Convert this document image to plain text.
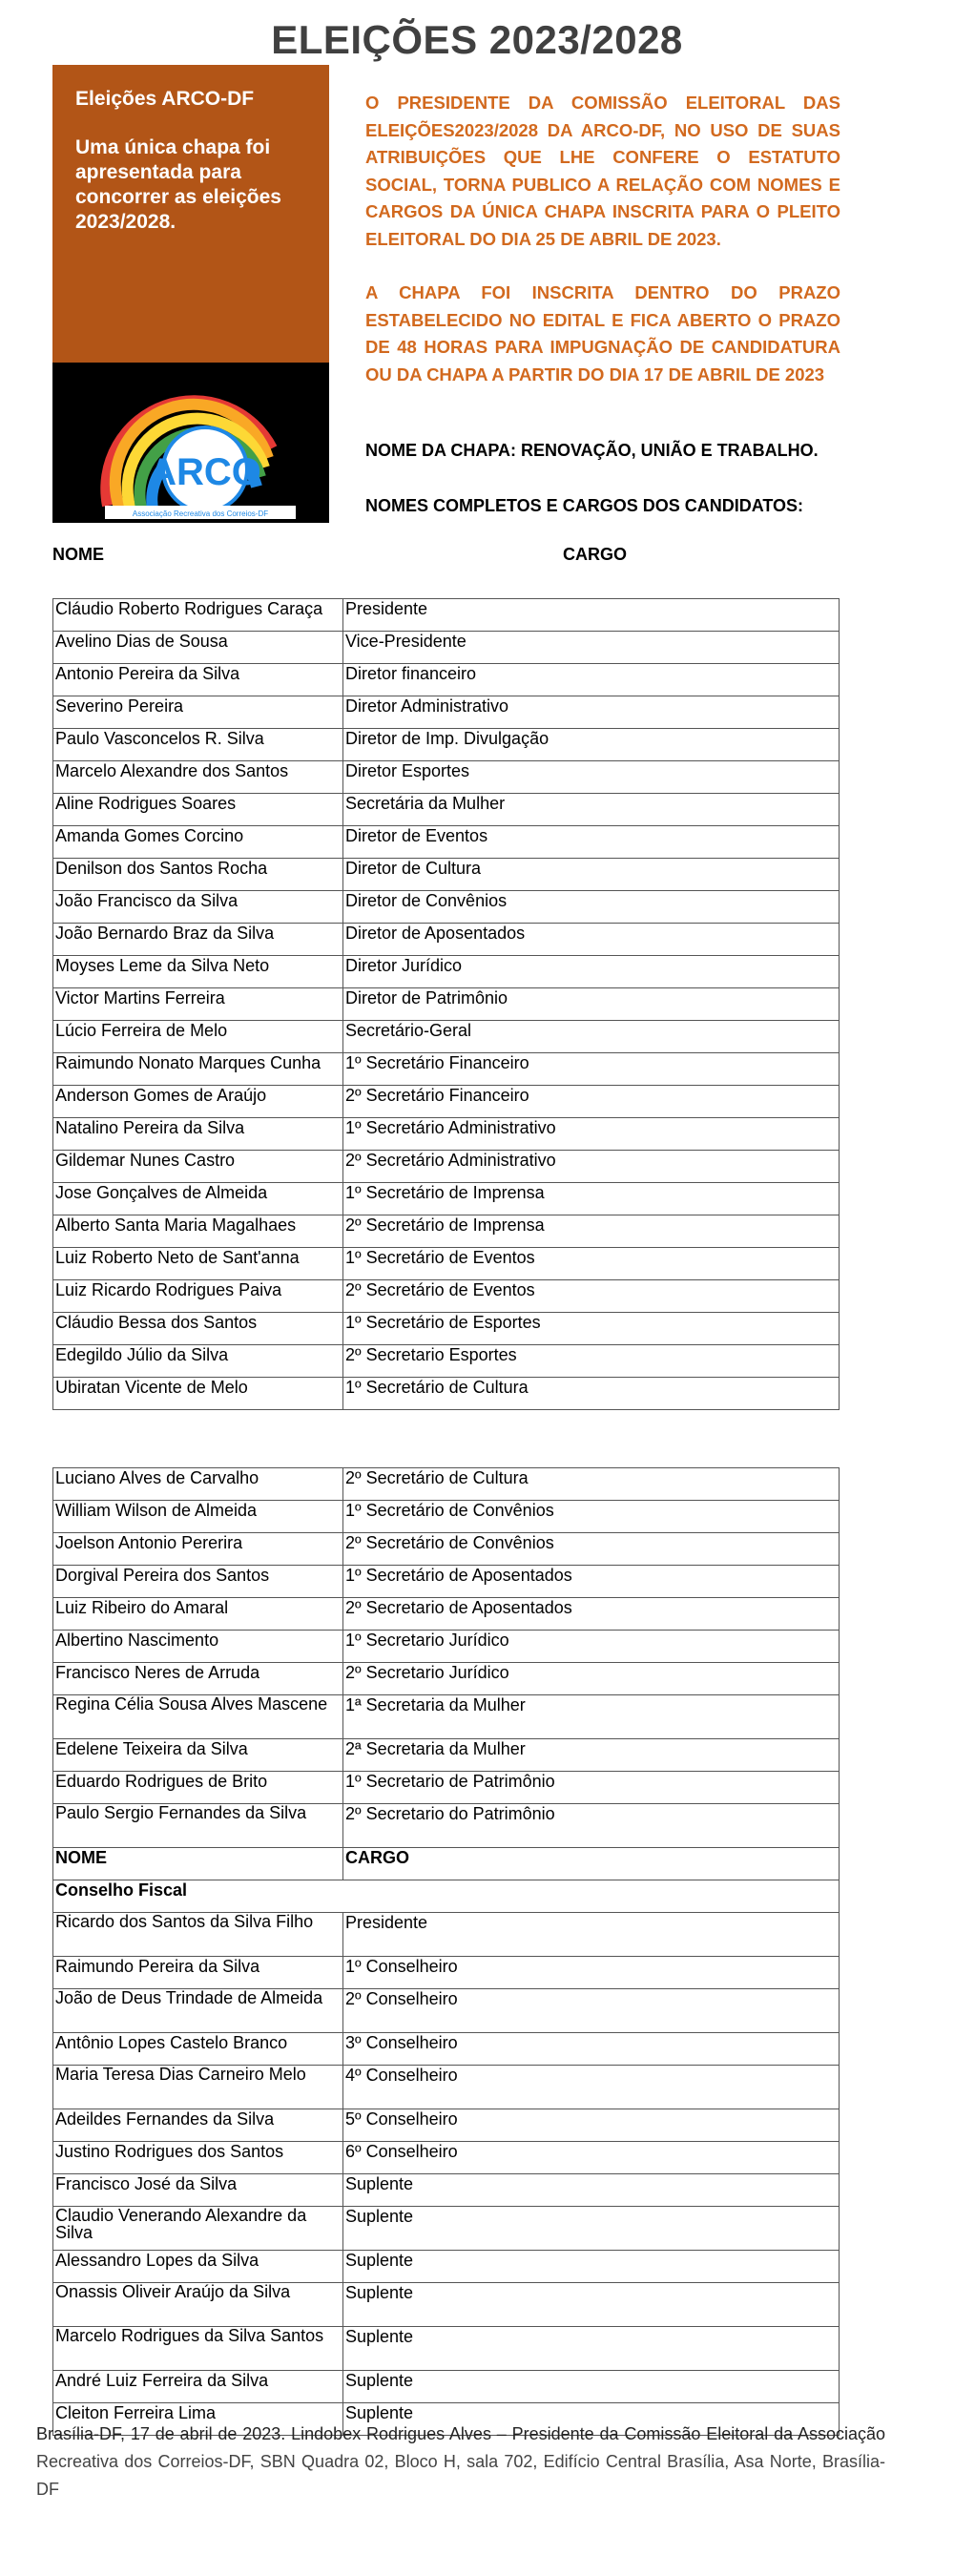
ELEIÇÕES 2023/2028
Eleições ARCO-DF
Uma única chapa foi apresentada para concorrer as eleições 2023/2028.
ARCO
Associação Recreativa dos Correios-DF

O PRESIDENTE DA COMISSÃO ELEITORAL DAS ELEIÇÕES2023/2028 DA ARCO-DF, NO USO DE SUAS ATRIBUIÇÕES QUE LHE CONFERE O ESTATUTO SOCIAL, TORNA PUBLICO A RELAÇÃO COM NOMES E CARGOS DA ÚNICA CHAPA INSCRITA PARA O PLEITO ELEITORAL DO DIA 25 DE ABRIL DE 2023.

A CHAPA FOI INSCRITA DENTRO DO PRAZO ESTABELECIDO NO EDITAL E FICA ABERTO O PRAZO DE 48 HORAS PARA IMPUGNAÇÃO DE CANDIDATURA OU DA CHAPA A PARTIR DO DIA 17 DE ABRIL DE 2023

NOME DA CHAPA: RENOVAÇÃO, UNIÃO E TRABALHO.
NOMES COMPLETOS E CARGOS DOS CANDIDATOS:
NOME	CARGO
Cláudio Roberto Rodrigues Caraça	Presidente
Avelino Dias de Sousa	Vice-Presidente
Antonio Pereira da Silva	Diretor financeiro
Severino Pereira	Diretor Administrativo
Paulo Vasconcelos R. Silva	Diretor de Imp. Divulgação
Marcelo Alexandre dos Santos	Diretor Esportes
Aline Rodrigues Soares	Secretária da Mulher
Amanda Gomes Corcino	Diretor de Eventos
Denilson dos Santos Rocha	Diretor de Cultura
João Francisco da Silva	Diretor de Convênios
João Bernardo Braz da Silva	Diretor de Aposentados
Moyses Leme da Silva Neto	Diretor Jurídico
Victor Martins Ferreira	Diretor de Patrimônio
Lúcio Ferreira de Melo	Secretário-Geral
Raimundo Nonato Marques Cunha	1º Secretário Financeiro
Anderson Gomes de Araújo	2º Secretário Financeiro
Natalino Pereira da Silva	1º Secretário Administrativo
Gildemar Nunes Castro	2º Secretário Administrativo
Jose Gonçalves de Almeida	1º Secretário de Imprensa
Alberto Santa Maria Magalhaes	2º Secretário de Imprensa
Luiz Roberto Neto de Sant'anna	1º Secretário de Eventos
Luiz Ricardo Rodrigues Paiva	2º Secretário de Eventos
Cláudio Bessa dos Santos	1º Secretário de Esportes
Edegildo Júlio da Silva	2º Secretario Esportes
Ubiratan Vicente de Melo	1º Secretário de Cultura
Luciano Alves de Carvalho	2º Secretário de Cultura
William Wilson de Almeida	1º Secretário de Convênios
Joelson Antonio Pererira	2º Secretário de Convênios
Dorgival Pereira dos Santos	1º Secretário de Aposentados
Luiz Ribeiro do Amaral	2º Secretario de Aposentados
Albertino Nascimento	1º Secretario Jurídico
Francisco Neres de Arruda	2º Secretario Jurídico
Regina Célia Sousa Alves Mascene	1ª Secretaria da Mulher
Edelene Teixeira da Silva	2ª Secretaria da Mulher
Eduardo Rodrigues de Brito	1º Secretario de Patrimônio
Paulo Sergio Fernandes da Silva	2º Secretario do Patrimônio
NOME	CARGO
Conselho Fiscal	
Ricardo dos Santos da Silva Filho	Presidente
Raimundo Pereira da Silva	1º Conselheiro
João de Deus Trindade de Almeida	2º Conselheiro
Antônio Lopes Castelo Branco	3º Conselheiro
Maria Teresa Dias Carneiro Melo	4º Conselheiro
Adeildes Fernandes da Silva	5º Conselheiro
Justino Rodrigues dos Santos	6º Conselheiro
Francisco José da Silva	Suplente
Claudio Venerando Alexandre da Silva	Suplente
Alessandro Lopes da Silva	Suplente
Onassis Oliveir Araújo da Silva	Suplente
Marcelo Rodrigues da Silva Santos	Suplente
André Luiz Ferreira da Silva	Suplente
Cleiton Ferreira Lima	Suplente
Brasília-DF, 17 de abril de 2023. Lindobex Rodrigues Alves – Presidente da Comissão Eleitoral da Associação Recreativa dos Correios-DF, SBN Quadra 02, Bloco H, sala 702, Edifício Central Brasília, Asa Norte, Brasília-DF
